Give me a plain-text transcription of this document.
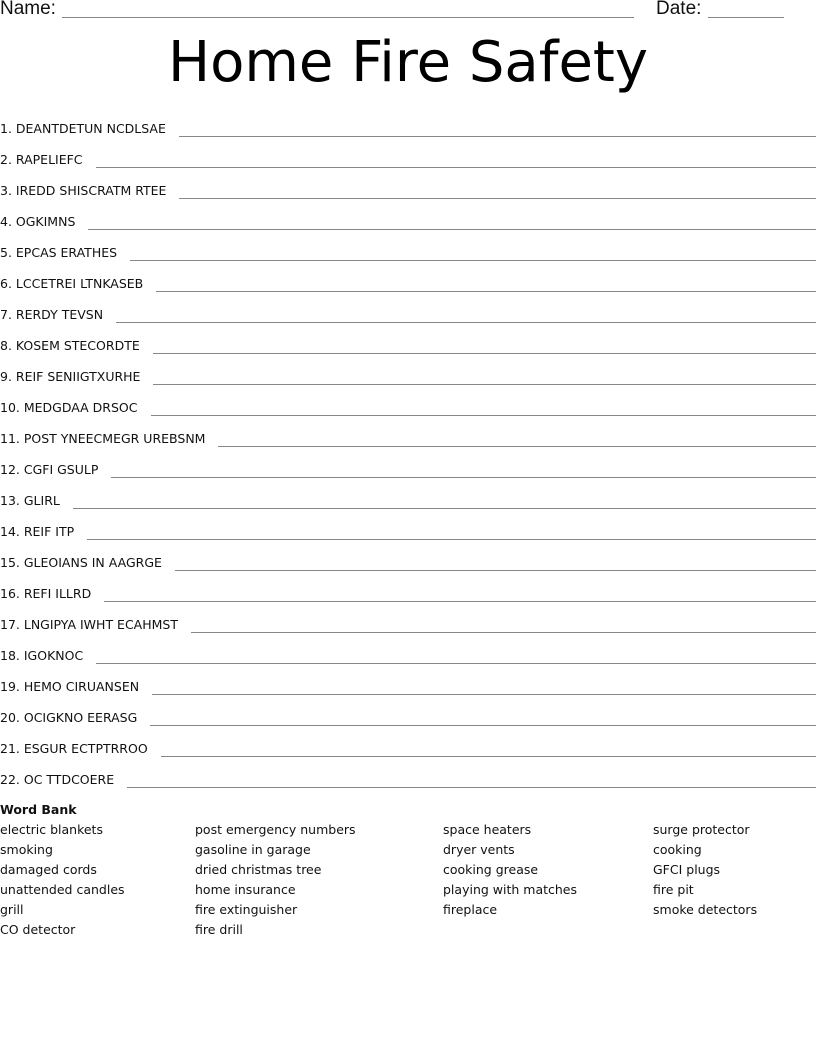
Name:	Date:
Home Fire Safety
1. DEANTDETUN NCDLSAE
2. RAPELIEFC
3. IREDD SHISCRATM RTEE
4. OGKIMNS
5. EPCAS ERATHES
6. LCCETREI LTNKASEB
7. RERDY TEVSN
8. KOSEM STECORDTE
9. REIF SENIIGTXURHE
10. MEDGDAA DRSOC
11. POST YNEECMEGR UREBSNM
12. CGFI GSULP
13. GLIRL
14. REIF ITP
15. GLEOIANS IN AAGRGE
16. REFI ILLRD
17. LNGIPYA IWHT ECAHMST
18. IGOKNOC
19. HEMO CIRUANSEN
20. OCIGKNO EERASG
21. ESGUR ECTPTRROO
22. OC TTDCOERE
Word Bank
electric blankets
smoking
damaged cords
unattended candles
grill
CO detector
post emergency numbers
gasoline in garage
dried christmas tree
home insurance
fire extinguisher
fire drill
space heaters
dryer vents
cooking grease
playing with matches
fireplace
surge protector
cooking
GFCI plugs
fire pit
smoke detectors
